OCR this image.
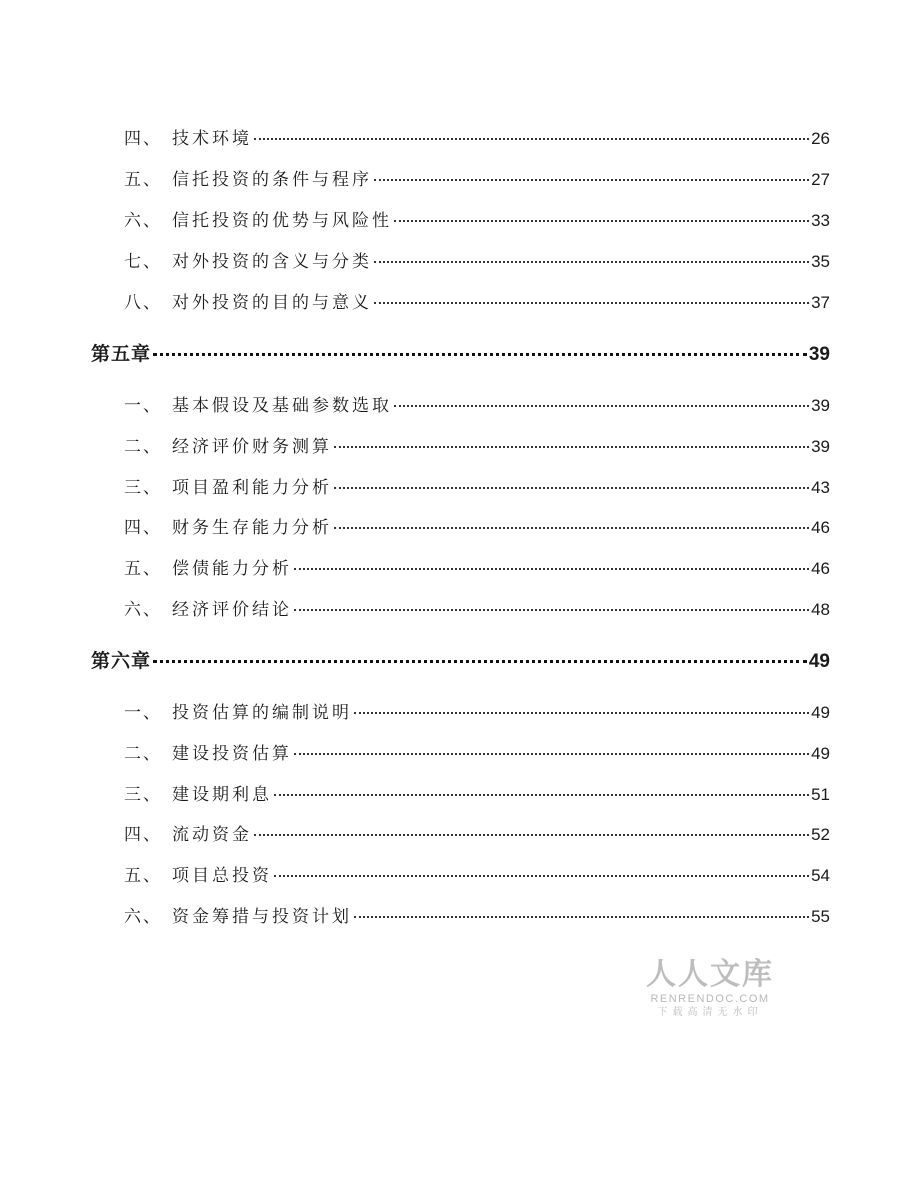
四、 技术环境	26
五、 信托投资的条件与程序	27
六、 信托投资的优势与风险性	33
七、 对外投资的含义与分类	35
八、 对外投资的目的与意义	37
第五章	39
一、 基本假设及基础参数选取	39
二、 经济评价财务测算	39
三、 项目盈利能力分析	43
四、 财务生存能力分析	46
五、 偿债能力分析	46
六、 经济评价结论	48
第六章	49
一、 投资估算的编制说明	49
二、 建设投资估算	49
三、 建设期利息	51
四、 流动资金	52
五、 项目总投资	54
六、 资金筹措与投资计划	55
人人文库
RENRENDOC.COM
下载高清无水印
